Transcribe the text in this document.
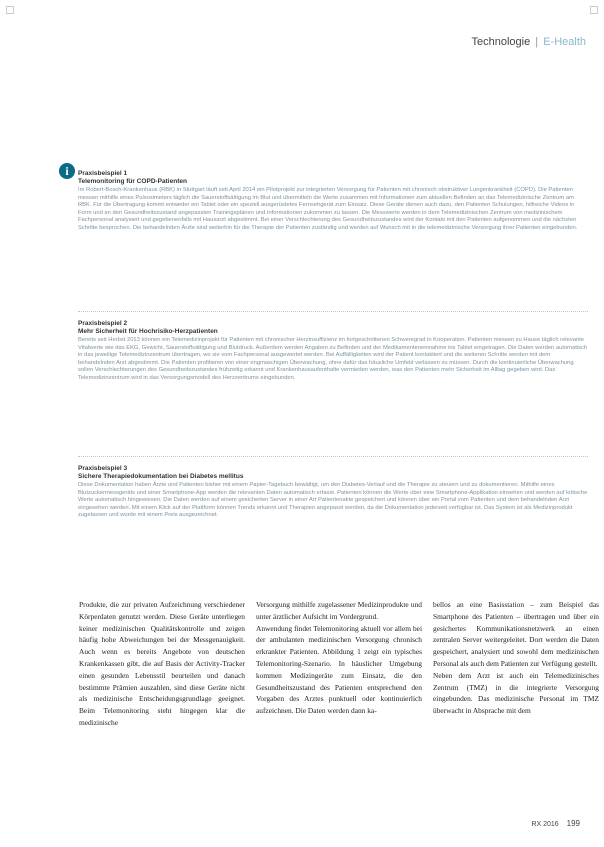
Technologie | E-Health
i	Praxisbeispiel 1
Telemonitoring für COPD-Patienten
Im Robert-Bosch-Krankenhaus (RBK) in Stuttgart läuft seit April 2014 ein Pilotprojekt zur integrierten Versorgung für Patienten mit chronisch obstruktiver Lungenkrankheit (COPD). Die Patienten messen mithilfe eines Pulsoximeters täglich die Sauerstoffsättigung im Blut und übermitteln die Werte zusammen mit Informationen zum aktuellen Befinden an das Telemedizinische Zentrum am RBK. Für die Übertragung kommt entweder ein Tablet oder ein speziell ausgerüstetes Fernsehgerät zum Einsatz. Diese Geräte dienen auch dazu, den Patienten Schulungen, hilfreiche Videos in Form und an den Gesundheitszustand angepassten Trainingsplänen und Informationen zukommen zu lassen. Die Messwerte werden in dem Telemedizinischen Zentrum von medizinischem Fachpersonal analysiert und gegebenenfalls mit Hausarzt abgestimmt. Bei einer Verschlechterung des Gesundheitszustandes wird der Kontakt mit den Patienten aufgenommen und die nächsten Schritte besprochen. Die behandelnden Ärzte sind weiterhin für die Therapie der Patienten zuständig und werden auf Wunsch mit in die telemedizinische Versorgung ihrer Patienten eingebunden.
Praxisbeispiel 2
Mehr Sicherheit für Hochrisiko-Herzpatienten
Bereits seit Herbst 2013 können ein Telemedizinprojekt für Patienten mit chronischer Herzinsuffizienz im fortgeschrittenen Schweregrad in Kooperation. Patienten messen zu Hause täglich relevante Vitalwerte wie das EKG, Gewicht, Sauerstoffsättigung und Blutdruck. Außerdem werden Angaben zu Befinden und der Medikamenteneinnahme ins Tablet eingetragen. Die Daten werden automatisch in das jeweilige Telemedizinzentrum übertragen, wo sie vom Fachpersonal ausgewertet werden. Bei Auffälligkeiten wird der Patient kontaktiert und die weiteren Schritte werden mit dem behandelnden Arzt abgestimmt. Die Patienten profitieren von einer engmaschigen Überwachung, ohne dafür das häusliche Umfeld verlassen zu müssen. Durch die kontinuierliche Überwachung sollen Verschlechterungen des Gesundheitszustandes frühzeitig erkannt und Krankenhausaufenthalte vermieden werden, was den Patienten mehr Sicherheit im Alltag gegeben wird. Das Telemedizinzentrum wird in das Versorgungsmodell des Herzzentrums eingebunden.
Praxisbeispiel 3
Sichere Therapiedokumentation bei Diabetes mellitus
Diese Dokumentation haben Ärzte und Patienten bisher mit einem Papier-Tagebuch bewältigt, um den Diabetes-Verlauf und die Therapie zu steuern und zu dokumentieren. Mithilfe eines Blutzuckermessgeräts und einer Smartphone-App werden die relevanten Daten automatisch erfasst. Patienten können die Werte über eine Smartphone-Applikation einsehen und werden auf kritische Werte automatisch hingewiesen. Die Daten werden auf einem gesicherten Server in einer Art Patientenakte gespeichert und können über ein Portal vom Patienten und dem behandelnden Arzt eingesehen werden. Mit einem Klick auf der Plattform können Trends erkannt und Therapien angepasst werden, da die Dokumentation jederzeit verfügbar ist. Das System ist als Medizinprodukt zugelassen und wurde mit einem Preis ausgezeichnet.
Produkte, die zur privaten Aufzeichnung verschiedener Körperdaten genutzt werden. Diese Geräte unterliegen keiner medizinischen Qualitätskontrolle und zeigen häufig hohe Abweichungen bei der Messgenauigkeit. Auch wenn es bereits Angebote von deutschen Krankenkassen gibt, die auf Basis der Activity-Tracker einen gesunden Lebensstil beurteilen und danach bestimmte Prämien auszahlen, sind diese Geräte nicht als medizinische Entscheidungsgrundlage geeignet. Beim Telemonitoring steht hingegen klar die medizinische
Versorgung mithilfe zugelassener Medizinprodukte und unter ärztlicher Aufsicht im Vordergrund.
Anwendung findet Telemonitoring aktuell vor allem bei der ambulanten medizinischen Versorgung chronisch erkrankter Patienten. Abbildung 1 zeigt ein typisches Telemonitoring-Szenario. In häuslicher Umgebung kommen Medizingeräte zum Einsatz, die den Gesundheitszustand des Patienten entsprechend den Vorgaben des Arztes punktuell oder kontinuierlich aufzeichnen. Die Daten werden dann ka-
bellos an eine Basisstation – zum Beispiel das Smartphone des Patienten – übertragen und über ein gesichertes Kommunikationsnetzwerk an einen zentralen Server weitergeleitet. Dort werden die Daten gespeichert, analysiert und sowohl dem medizinischen Personal als auch dem Patienten zur Verfügung gestellt.
Neben dem Arzt ist auch ein Telemedizinisches Zentrum (TMZ) in die integrierte Versorgung eingebunden. Das medizinische Personal im TMZ überwacht in Absprache mit dem
RX 2016 199
